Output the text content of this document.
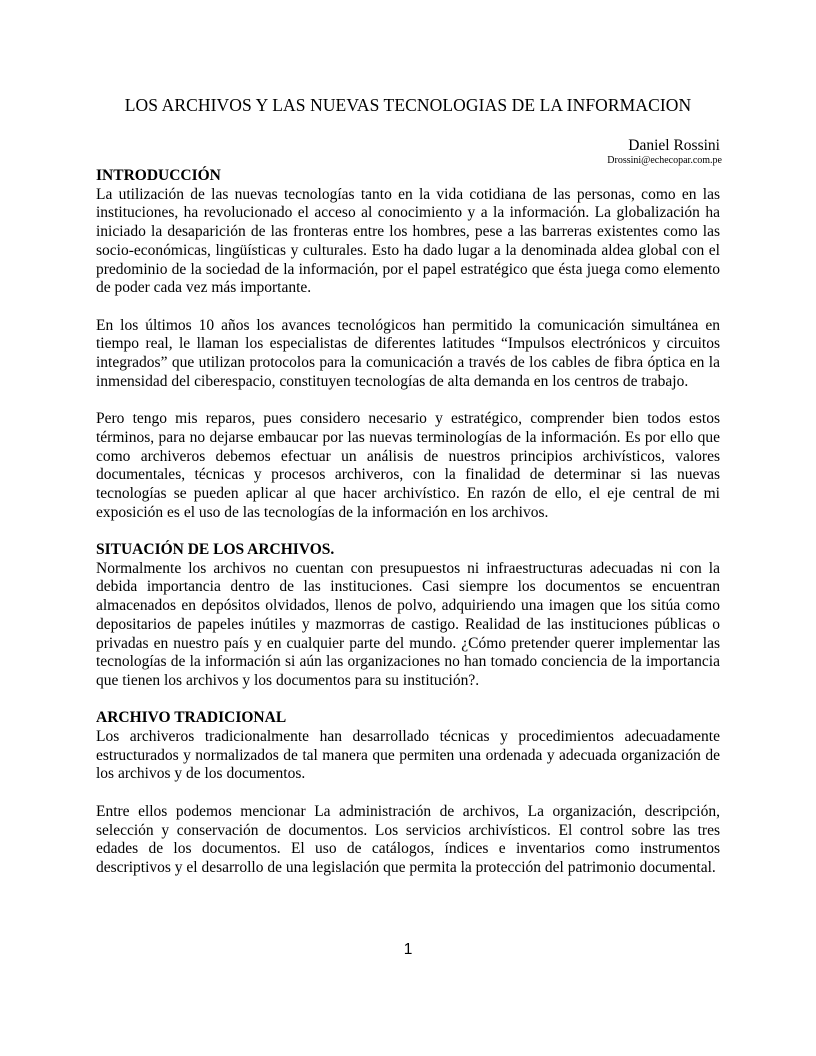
LOS ARCHIVOS Y LAS NUEVAS TECNOLOGIAS DE LA INFORMACION
Daniel Rossini
Drossini@echecopar.com.pe
INTRODUCCIÓN

La utilización de las nuevas tecnologías tanto en la vida cotidiana de las personas, como en las instituciones, ha revolucionado el acceso al conocimiento y a la información. La globalización ha iniciado la desaparición de las fronteras entre los hombres, pese a las barreras existentes como las socio-económicas, lingüísticas y culturales. Esto ha dado lugar a la denominada aldea global con el predominio de la sociedad de la información, por el papel estratégico que ésta juega como elemento de poder cada vez más importante.

En los últimos 10 años los avances tecnológicos han permitido la comunicación simultánea en tiempo real, le llaman los especialistas de diferentes latitudes “Impulsos electrónicos y circuitos integrados” que utilizan protocolos para la comunicación a través de los cables de fibra óptica en la inmensidad del ciberespacio, constituyen tecnologías de alta demanda en los centros de trabajo.

Pero tengo mis reparos, pues considero necesario y estratégico, comprender bien todos estos términos, para no dejarse embaucar por las nuevas terminologías de la información. Es por ello que como archiveros debemos efectuar un análisis de nuestros principios archivísticos, valores documentales, técnicas y procesos archiveros, con la finalidad de determinar si las nuevas tecnologías se pueden aplicar al que hacer archivístico. En razón de ello, el eje central de mi exposición es el uso de las tecnologías de la información en los archivos.

SITUACIÓN DE LOS ARCHIVOS.

Normalmente los archivos no cuentan con presupuestos ni infraestructuras adecuadas ni con la debida importancia dentro de las instituciones. Casi siempre los documentos se encuentran almacenados en depósitos olvidados, llenos de polvo, adquiriendo una imagen que los sitúa como depositarios de papeles inútiles y mazmorras de castigo. Realidad de las instituciones públicas o privadas en nuestro país y en cualquier parte del mundo. ¿Cómo pretender querer implementar las tecnologías de la información si aún las organizaciones no han tomado conciencia de la importancia que tienen los archivos y los documentos para su institución?.

ARCHIVO TRADICIONAL

Los archiveros tradicionalmente han desarrollado técnicas y procedimientos adecuadamente estructurados y normalizados de tal manera que permiten una ordenada y adecuada organización de los archivos y de los documentos.

Entre ellos podemos mencionar La administración de archivos, La organización, descripción, selección y conservación de documentos. Los servicios archivísticos. El control sobre las tres edades de los documentos. El uso de catálogos, índices e inventarios como instrumentos descriptivos y el desarrollo de una legislación que permita la protección del patrimonio documental.

1
